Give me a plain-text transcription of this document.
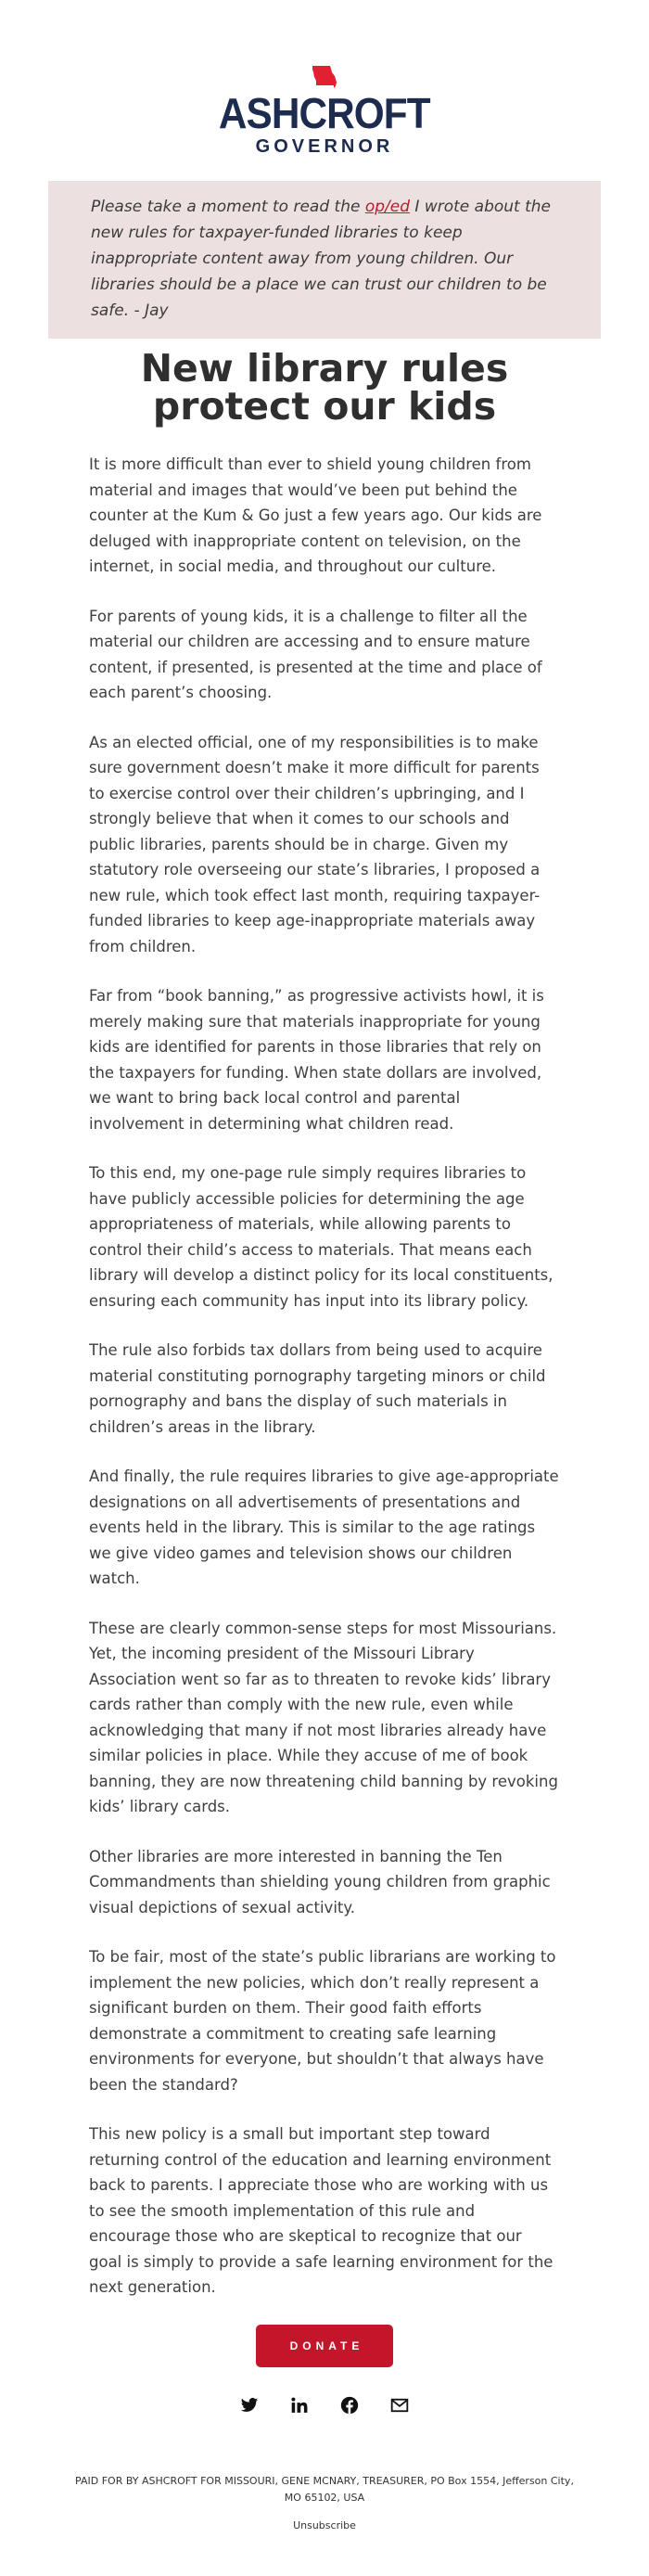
ASHCROFT
GOVERNOR
Please take a moment to read the op/ed I wrote about the new rules for taxpayer-funded libraries to keep inappropriate content away from young children. Our libraries should be a place we can trust our children to be safe. - Jay
New library rules protect our kids

It is more difficult than ever to shield young children from material and images that would’ve been put behind the counter at the Kum & Go just a few years ago. Our kids are deluged with inappropriate content on television, on the internet, in social media, and throughout our culture.

For parents of young kids, it is a challenge to filter all the material our children are accessing and to ensure mature content, if presented, is presented at the time and place of each parent’s choosing.

As an elected official, one of my responsibilities is to make sure government doesn’t make it more difficult for parents to exercise control over their children’s upbringing, and I strongly believe that when it comes to our schools and public libraries, parents should be in charge. Given my statutory role overseeing our state’s libraries, I proposed a new rule, which took effect last month, requiring taxpayer-funded libraries to keep age-inappropriate materials away from children.

Far from “book banning,” as progressive activists howl, it is merely making sure that materials inappropriate for young kids are identified for parents in those libraries that rely on the taxpayers for funding. When state dollars are involved, we want to bring back local control and parental involvement in determining what children read.

To this end, my one-page rule simply requires libraries to have publicly accessible policies for determining the age appropriateness of materials, while allowing parents to control their child’s access to materials. That means each library will develop a distinct policy for its local constituents, ensuring each community has input into its library policy.

The rule also forbids tax dollars from being used to acquire material constituting pornography targeting minors or child pornography and bans the display of such materials in children’s areas in the library.

And finally, the rule requires libraries to give age-appropriate designations on all advertisements of presentations and events held in the library. This is similar to the age ratings we give video games and television shows our children watch.

These are clearly common-sense steps for most Missourians. Yet, the incoming president of the Missouri Library Association went so far as to threaten to revoke kids’ library cards rather than comply with the new rule, even while acknowledging that many if not most libraries already have similar policies in place. While they accuse of me of book banning, they are now threatening child banning by revoking kids’ library cards.

Other libraries are more interested in banning the Ten Commandments than shielding young children from graphic visual depictions of sexual activity.

To be fair, most of the state’s public librarians are working to implement the new policies, which don’t really represent a significant burden on them. Their good faith efforts demonstrate a commitment to creating safe learning environments for everyone, but shouldn’t that always have been the standard?

This new policy is a small but important step toward returning control of the education and learning environment back to parents. I appreciate those who are working with us to see the smooth implementation of this rule and encourage those who are skeptical to recognize that our goal is simply to provide a safe learning environment for the next generation.

DONATE
PAID FOR BY ASHCROFT FOR MISSOURI, GENE MCNARY, TREASURER, PO Box 1554, Jefferson City, MO 65102, USA
Unsubscribe
